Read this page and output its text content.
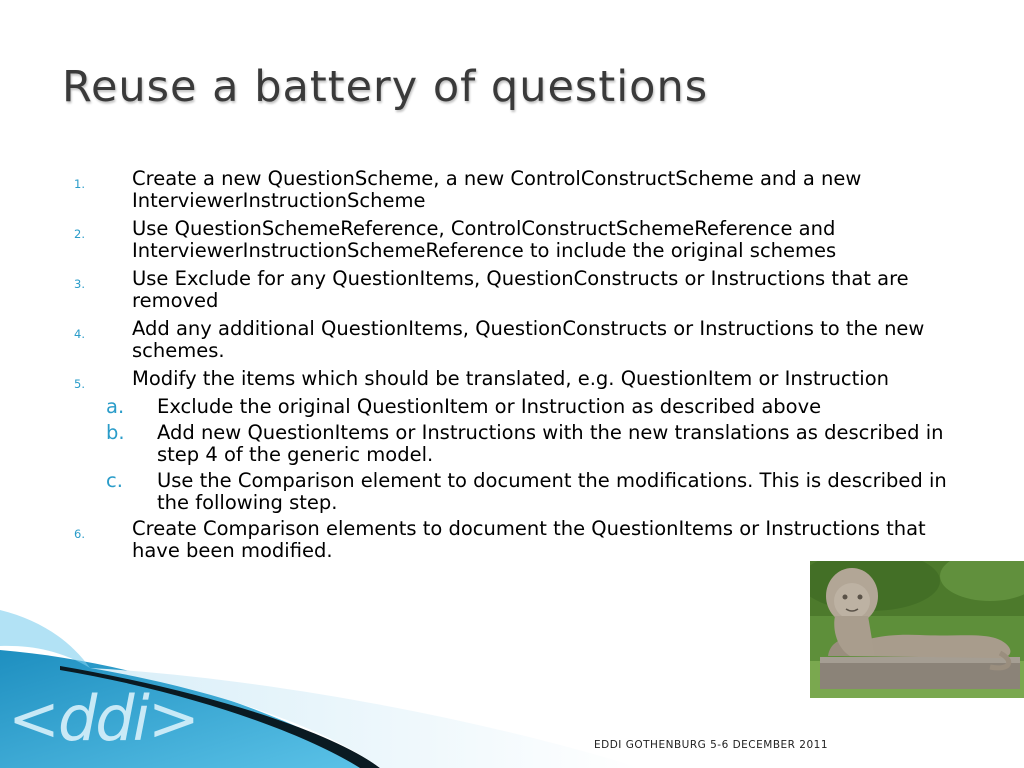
<ddi>
Reuse a battery of questions
1. Create a new QuestionScheme, a new ControlConstructScheme and a new InterviewerInstructionScheme
2. Use QuestionSchemeReference, ControlConstructSchemeReference and InterviewerInstructionSchemeReference to include the original schemes
3. Use Exclude for any QuestionItems, QuestionConstructs or Instructions that are removed
4. Add any additional QuestionItems, QuestionConstructs or Instructions to the new schemes.
5. Modify the items which should be translated, e.g. QuestionItem or Instruction
a. Exclude the original QuestionItem or Instruction as described above
b. Add new QuestionItems or Instructions with the new translations as described in step 4 of the generic model.
c. Use the Comparison element to document the modifications. This is described in the following step.
6. Create Comparison elements to document the QuestionItems or Instructions that have been modified.
EDDI GOTHENBURG 5-6 DECEMBER 2011
